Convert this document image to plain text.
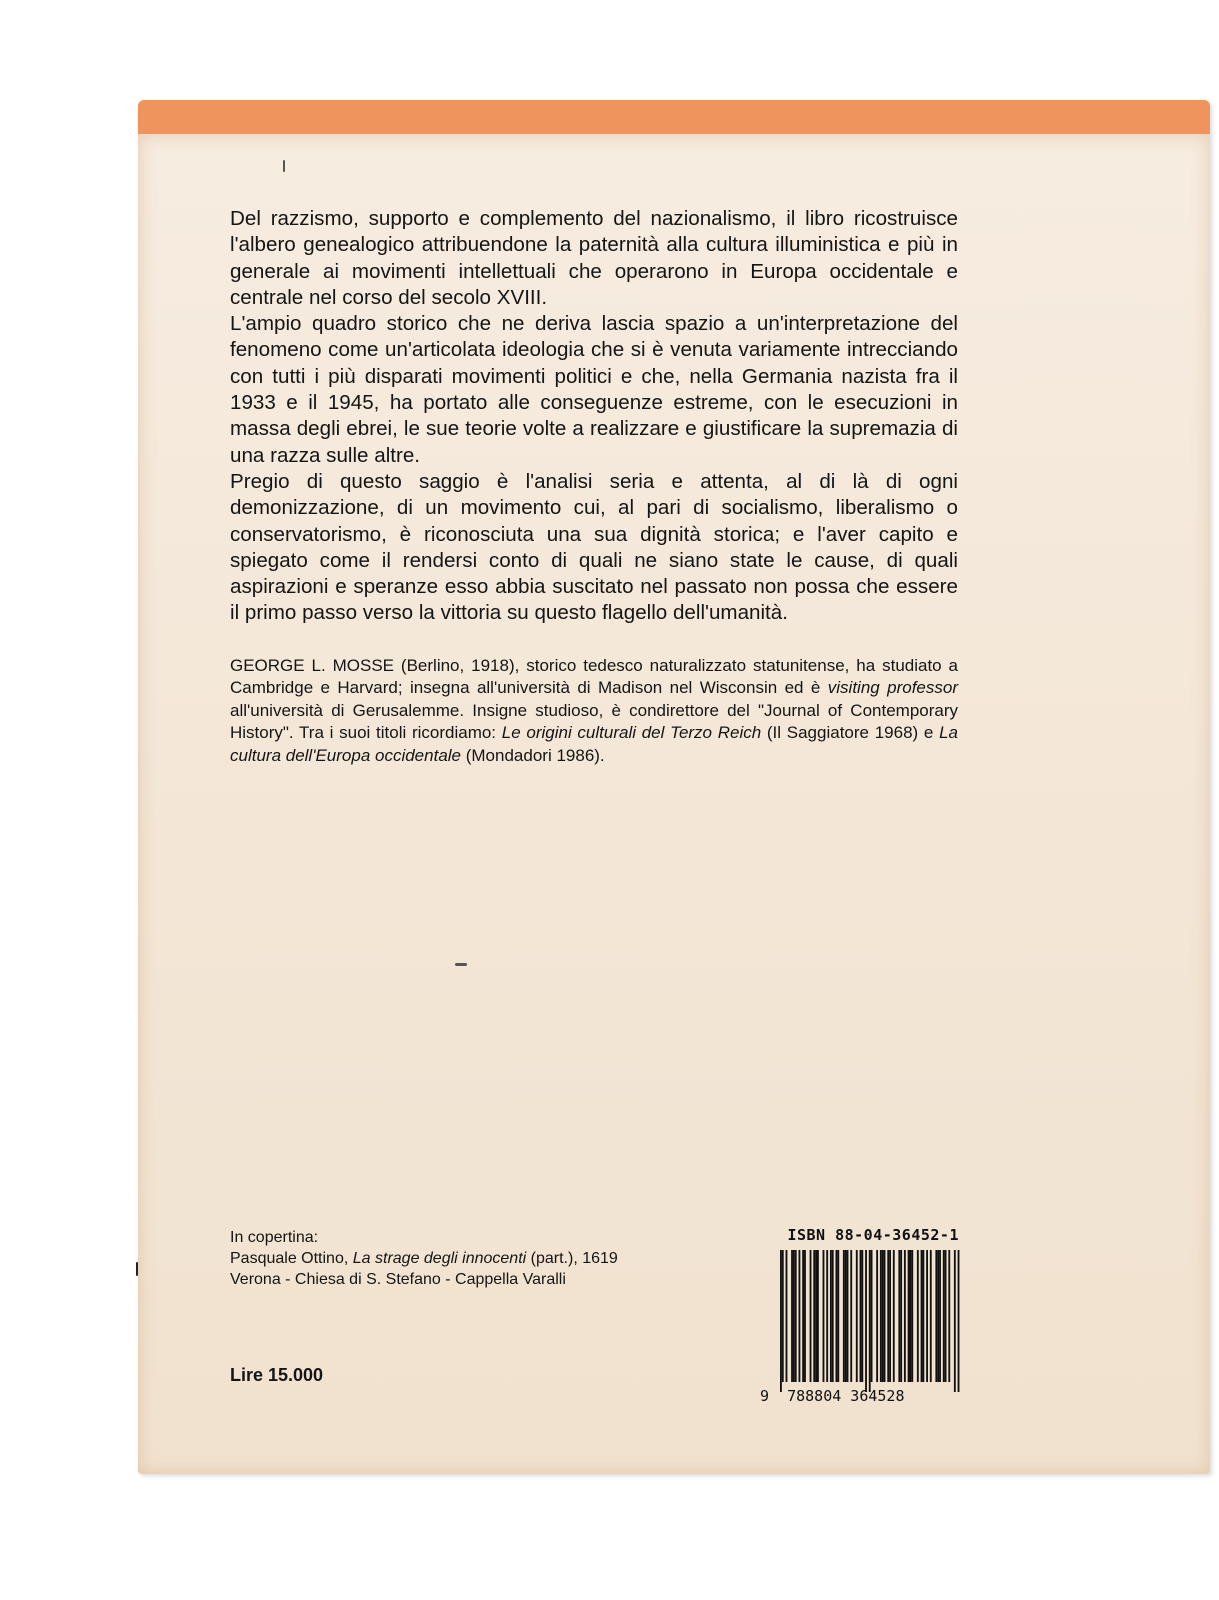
Del razzismo, supporto e complemento del nazionalismo, il libro ricostruisce l'albero genealogico attribuendone la paternità alla cultura illuministica e più in generale ai movimenti intellettuali che operarono in Europa occidentale e centrale nel corso del secolo XVIII.

L'ampio quadro storico che ne deriva lascia spazio a un'interpretazione del fenomeno come un'articolata ideologia che si è venuta variamente intrecciando con tutti i più disparati movimenti politici e che, nella Germania nazista fra il 1933 e il 1945, ha portato alle conseguenze estreme, con le esecuzioni in massa degli ebrei, le sue teorie volte a realizzare e giustificare la supremazia di una razza sulle altre.

Pregio di questo saggio è l'analisi seria e attenta, al di là di ogni demonizzazione, di un movimento cui, al pari di socialismo, liberalismo o conservatorismo, è riconosciuta una sua dignità storica; e l'aver capito e spiegato come il rendersi conto di quali ne siano state le cause, di quali aspirazioni e speranze esso abbia suscitato nel passato non possa che essere il primo passo verso la vittoria su questo flagello dell'umanità.

GEORGE L. MOSSE (Berlino, 1918), storico tedesco naturalizzato statunitense, ha studiato a Cambridge e Harvard; insegna all'università di Madison nel Wisconsin ed è visiting professor all'università di Gerusalemme. Insigne studioso, è condirettore del "Journal of Contemporary History". Tra i suoi titoli ricordiamo: Le origini culturali del Terzo Reich (Il Saggiatore 1968) e La cultura dell'Europa occidentale (Mondadori 1986).

In copertina:
Pasquale Ottino, La strage degli innocenti (part.), 1619
Verona - Chiesa di S. Stefano - Cappella Varalli
Lire 15.000
ISBN 88-04-36452-1
9 788804 364528
